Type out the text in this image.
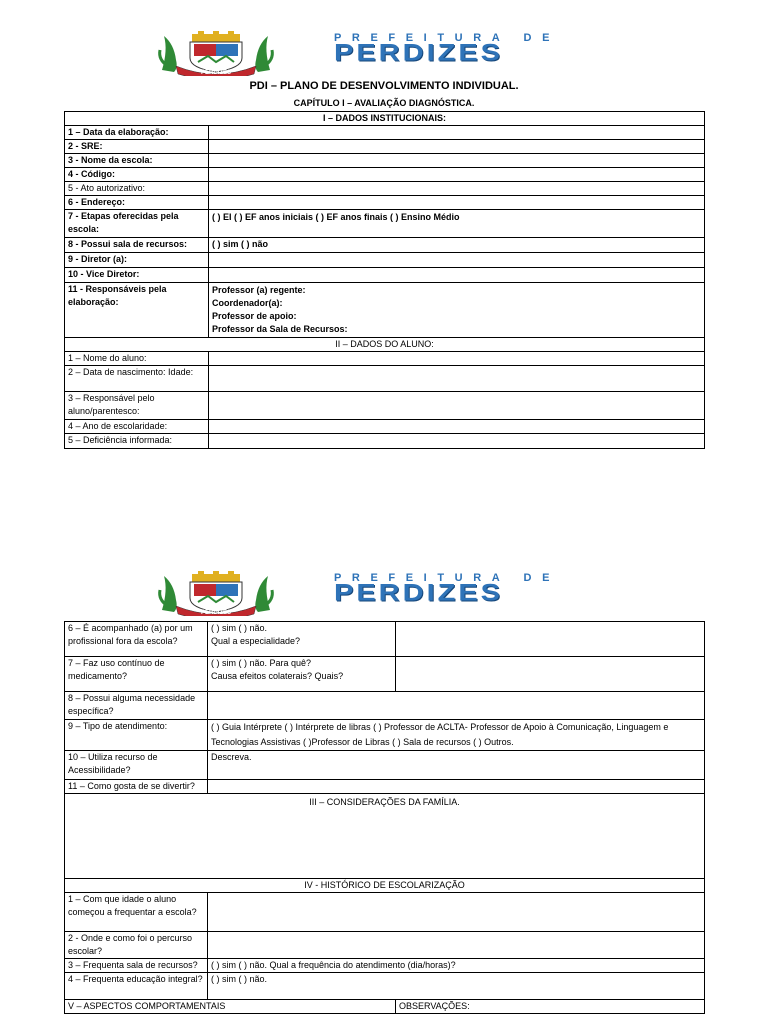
PERDIZES
PREFEITURA DE
PERDIZES
PDI – PLANO DE DESENVOLVIMENTO INDIVIDUAL.
CAPÍTULO I – AVALIAÇÃO DIAGNÓSTICA.
I – DADOS INSTITUCIONAIS:	
1 – Data da elaboração:	
2 - SRE:	
3 - Nome da escola:	
4 - Código:	
5 - Ato autorizativo:	
6 - Endereço:	
7 - Etapas oferecidas pela escola:	( ) EI ( ) EF anos iniciais ( ) EF anos finais ( ) Ensino Médio
8 - Possui sala de recursos:	( ) sim ( ) não
9 - Diretor (a):	
10 - Vice Diretor:	
11 - Responsáveis pela elaboração:	Professor (a) regente:
Coordenador(a):
Professor de apoio:
Professor da Sala de Recursos:

II – DADOS DO ALUNO:	
1 – Nome do aluno:	
2 – Data de nascimento: Idade:	
3 – Responsável pelo aluno/parentesco:	
4 – Ano de escolaridade:	
5 – Deficiência informada:	
PERDIZES
PREFEITURA DE
PERDIZES
6 – É acompanhado (a) por um profissional fora da escola?	( ) sim ( ) não.
Qual a especialidade?	

7 – Faz uso contínuo de medicamento?	( ) sim ( ) não. Para quê?
Causa efeitos colaterais? Quais?	

8 – Possui alguma necessidade específica?		
9 – Tipo de atendimento:	( ) Guia Intérprete ( ) Intérprete de libras ( ) Professor de ACLTA- Professor de Apoio à Comunicação, Linguagem e Tecnologias Assistivas ( )Professor de Libras ( ) Sala de recursos ( ) Outros.	
10 – Utiliza recurso de Acessibilidade?	Descreva.	
11 – Como gosta de se divertir?		
III – CONSIDERAÇÕES DA FAMÍLIA.		
IV - HISTÓRICO DE ESCOLARIZAÇÃO		
1 – Com que idade o aluno começou a frequentar a escola?		
2 - Onde e como foi o percurso escolar?		
3 – Frequenta sala de recursos?	( ) sim ( ) não. Qual a frequência do atendimento (dia/horas)?	
4 – Frequenta educação integral?	( ) sim ( ) não.	
V – ASPECTOS COMPORTAMENTAIS		OBSERVAÇÕES:
